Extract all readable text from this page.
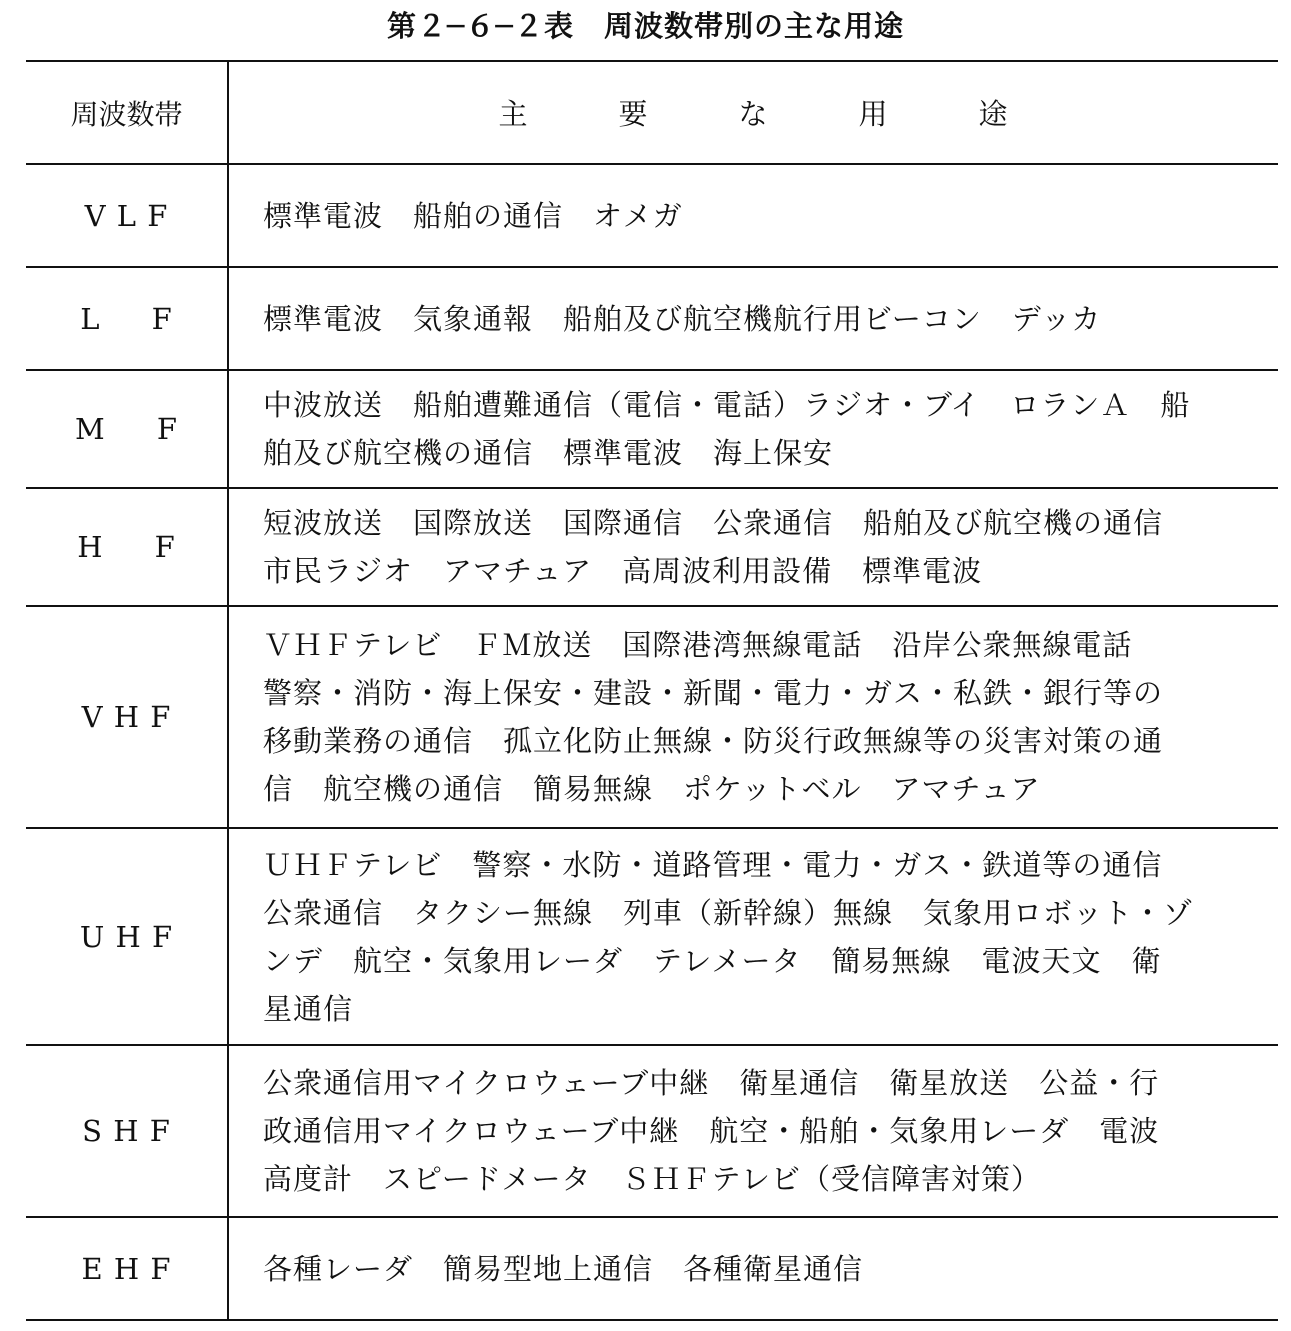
第２─６─２表　周波数帯別の主な用途
周波数帯	主 要 な 用 途
V L F	標準電波　船舶の通信　オメガ

L     F	標準電波　気象通報　船舶及び航空機航行用ビーコン　デッカ

M     F	中波放送　船舶遭難通信（電信・電話）ラジオ・ブイ　ロランＡ　船
舶及び航空機の通信　標準電波　海上保安

H     F	短波放送　国際放送　国際通信　公衆通信　船舶及び航空機の通信
市民ラジオ　アマチュア　高周波利用設備　標準電波

V H F	ＶＨＦテレビ　ＦＭ放送　国際港湾無線電話　沿岸公衆無線電話
警察・消防・海上保安・建設・新聞・電力・ガス・私鉄・銀行等の
移動業務の通信　孤立化防止無線・防災行政無線等の災害対策の通
信　航空機の通信　簡易無線　ポケットベル　アマチュア

U H F	ＵＨＦテレビ　警察・水防・道路管理・電力・ガス・鉄道等の通信
公衆通信　タクシー無線　列車（新幹線）無線　気象用ロボット・ゾ
ンデ　航空・気象用レーダ　テレメータ　簡易無線　電波天文　衛
星通信

S H F	公衆通信用マイクロウェーブ中継　衛星通信　衛星放送　公益・行
政通信用マイクロウェーブ中継　航空・船舶・気象用レーダ　電波
高度計　スピードメータ　ＳＨＦテレビ（受信障害対策）

E H F	各種レーダ　簡易型地上通信　各種衛星通信
